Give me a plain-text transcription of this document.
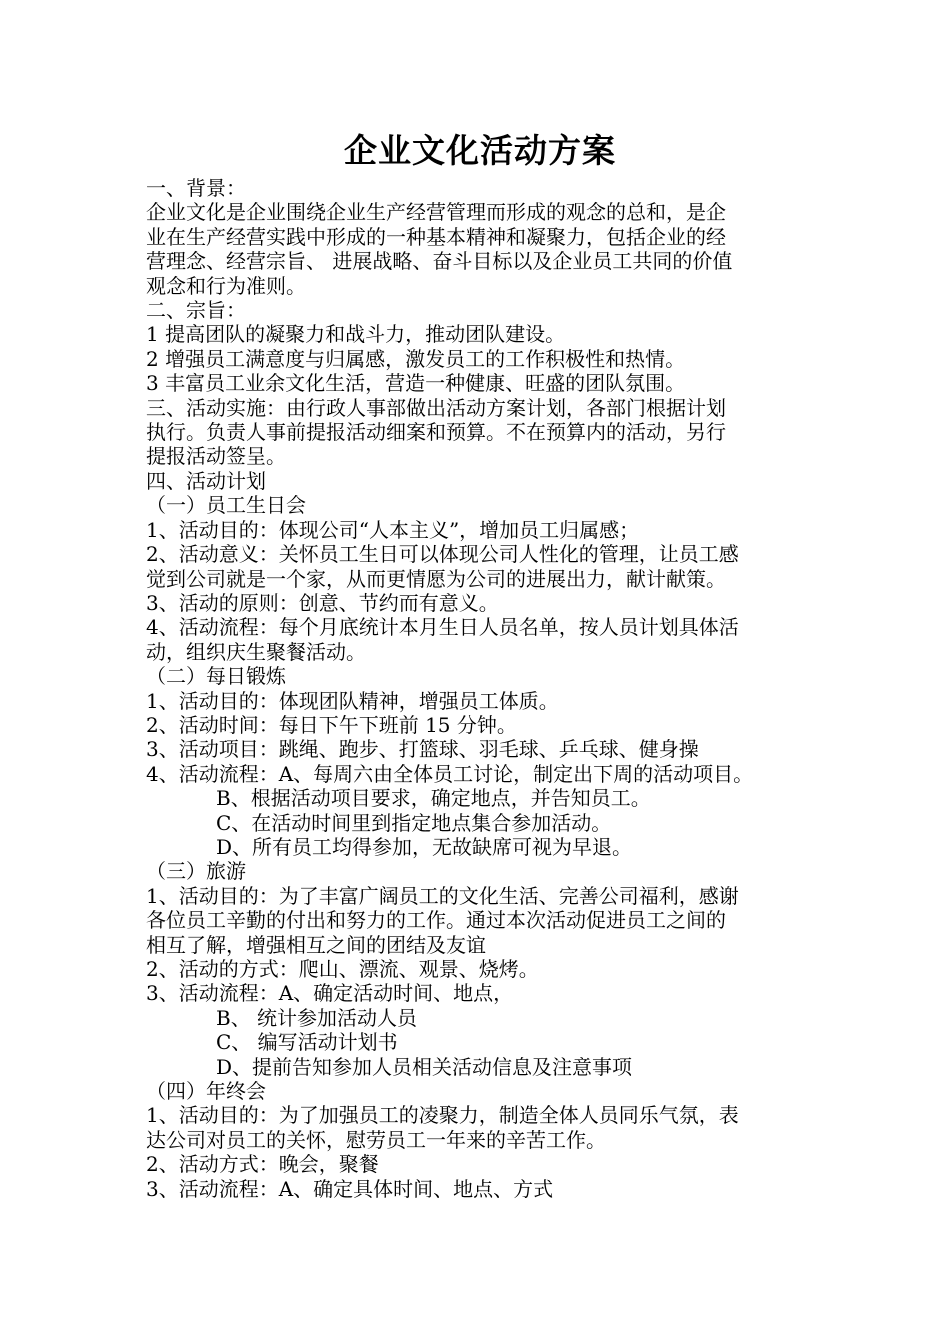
企业文化活动方案

一、背景：

企业文化是企业围绕企业生产经营管理而形成的观念的总和，是企

业在生产经营实践中形成的一种基本精神和凝聚力，包括企业的经

营理念、经营宗旨、 进展战略、奋斗目标以及企业员工共同的价值

观念和行为准则。

二、宗旨：

1 提高团队的凝聚力和战斗力，推动团队建设。

2 增强员工满意度与归属感，激发员工的工作积极性和热情。

3 丰富员工业余文化生活，营造一种健康、旺盛的团队氛围。

三、活动实施：由行政人事部做出活动方案计划，各部门根据计划

执行。负责人事前提报活动细案和预算。不在预算内的活动，另行

提报活动签呈。

四、活动计划

（一）员工生日会

1、活动目的：体现公司“人本主义”，增加员工归属感；

2、活动意义：关怀员工生日可以体现公司人性化的管理，让员工感

觉到公司就是一个家，从而更情愿为公司的进展出力，献计献策。

3、活动的原则：创意、节约而有意义。

4、活动流程：每个月底统计本月生日人员名单，按人员计划具体活

动，组织庆生聚餐活动。

（二）每日锻炼

1、活动目的：体现团队精神，增强员工体质。

2、活动时间：每日下午下班前 15 分钟。

3、活动项目：跳绳、跑步、打篮球、羽毛球、乒乓球、健身操

4、活动流程：A、每周六由全体员工讨论，制定出下周的活动项目。

B、根据活动项目要求，确定地点，并告知员工。

C、在活动时间里到指定地点集合参加活动。

D、所有员工均得参加，无故缺席可视为早退。

（三）旅游

1、活动目的：为了丰富广阔员工的文化生活、完善公司福利，感谢

各位员工辛勤的付出和努力的工作。通过本次活动促进员工之间的

相互了解，增强相互之间的团结及友谊

2、活动的方式：爬山、漂流、观景、烧烤。

3、活动流程：A、确定活动时间、地点，

B、 统计参加活动人员

C、 编写活动计划书

D、提前告知参加人员相关活动信息及注意事项

（四）年终会

1、活动目的：为了加强员工的凌聚力，制造全体人员同乐气氛，表

达公司对员工的关怀，慰劳员工一年来的辛苦工作。

2、活动方式：晚会，聚餐

3、活动流程：A、确定具体时间、地点、方式
